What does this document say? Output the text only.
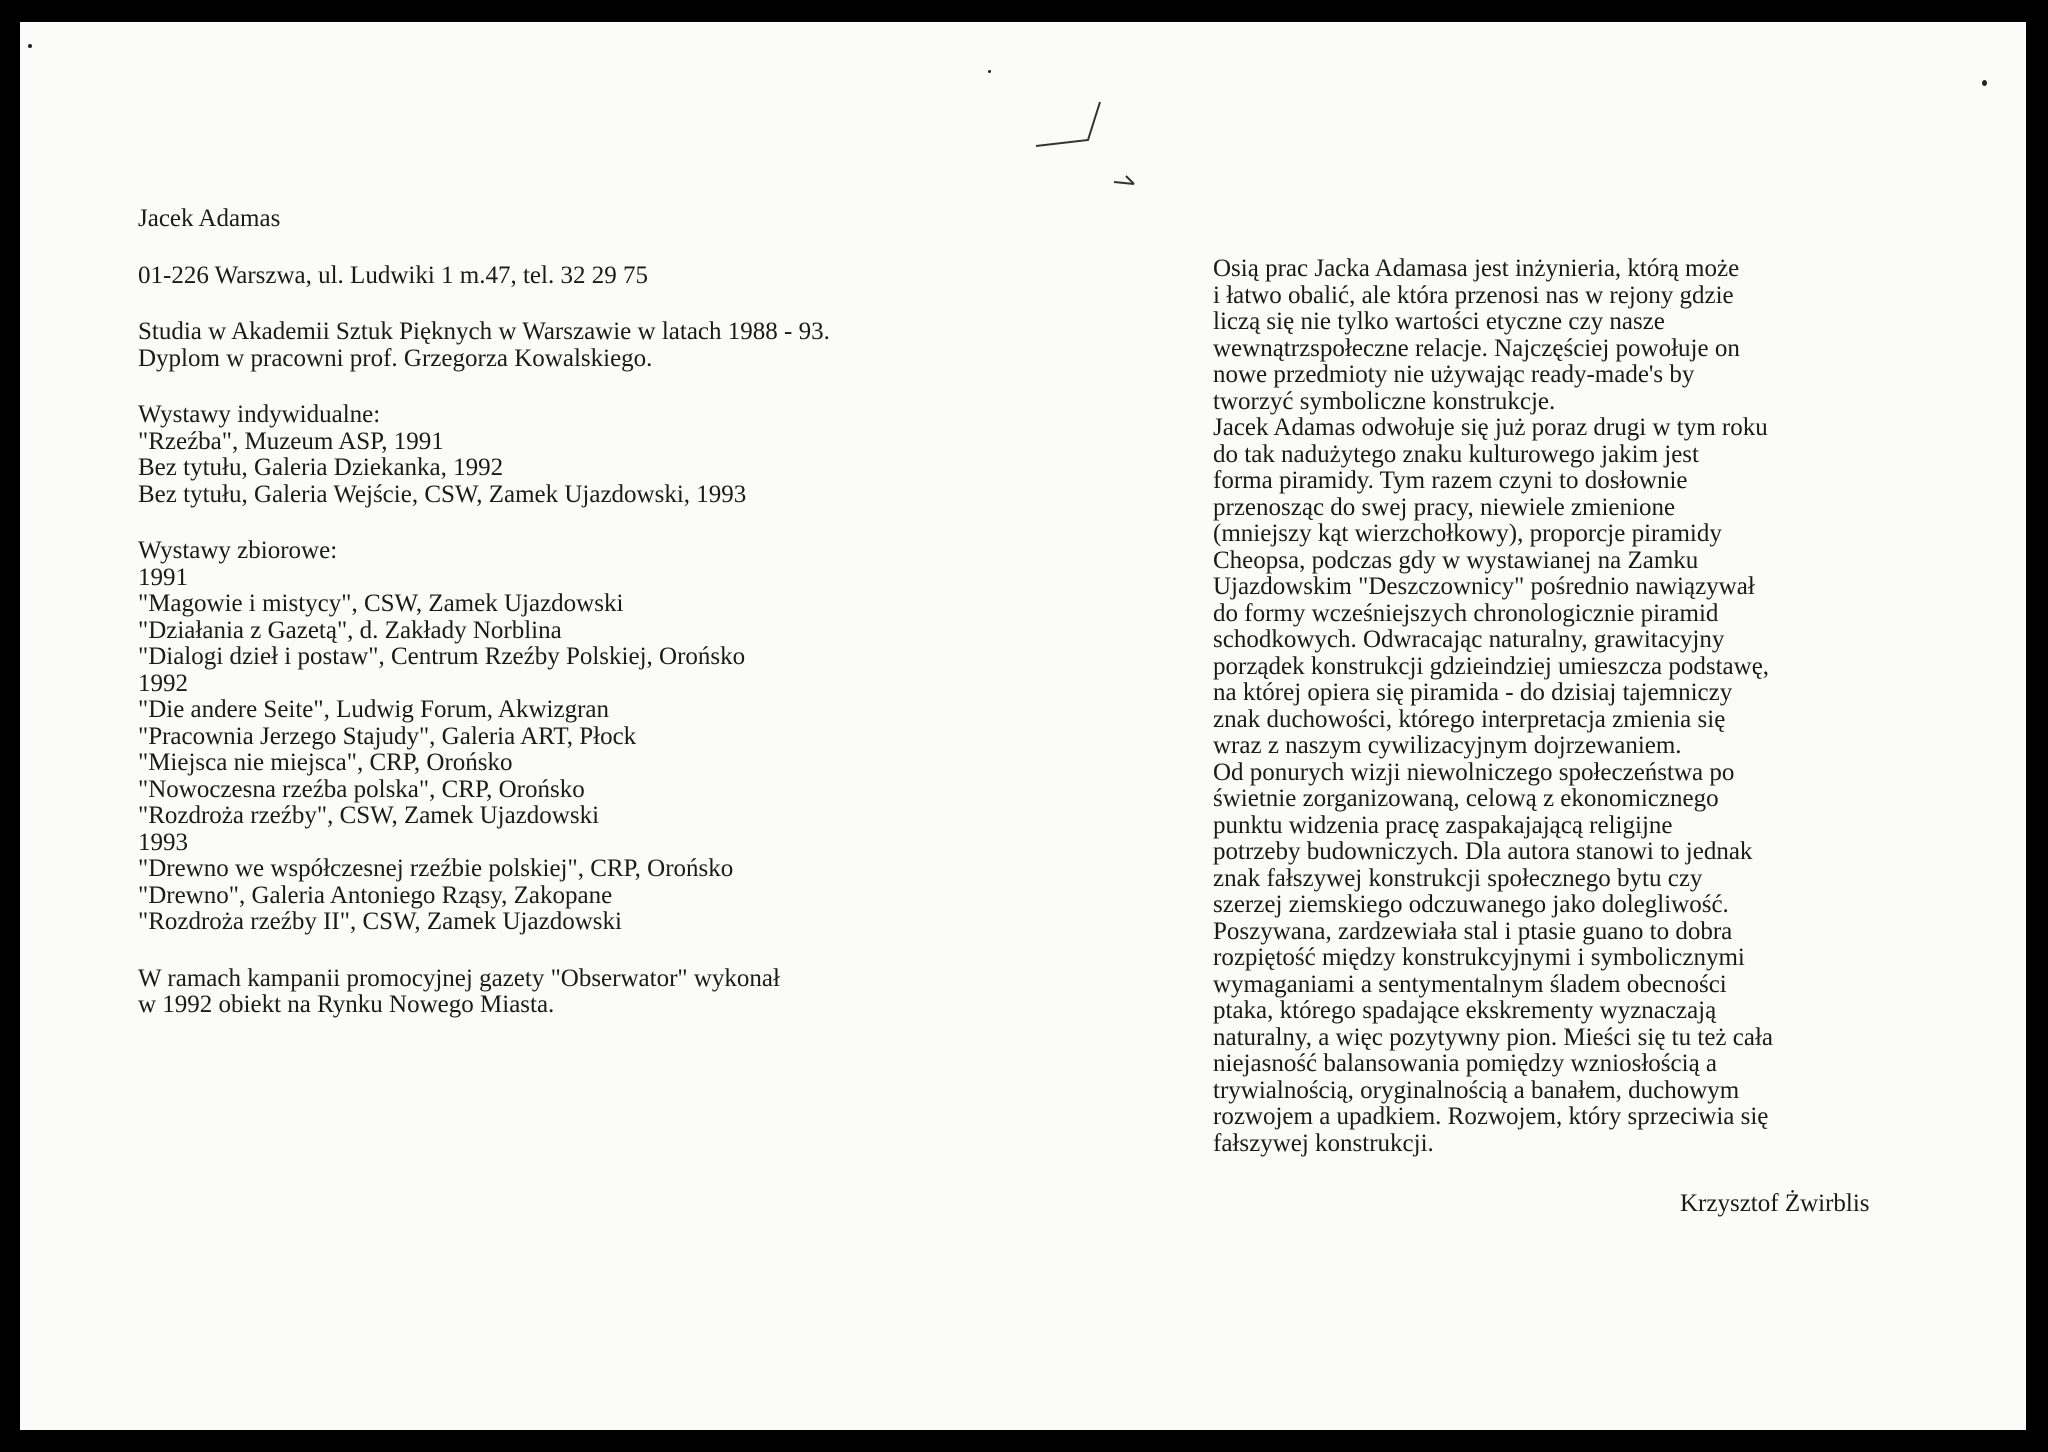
Jacek Adamas
01-226 Warszwa, ul. Ludwiki 1 m.47, tel. 32 29 75
Studia w Akademii Sztuk Pięknych w Warszawie w latach 1988 - 93.
Dyplom w pracowni prof. Grzegorza Kowalskiego.
Wystawy indywidualne:
"Rzeźba", Muzeum ASP, 1991
Bez tytułu, Galeria Dziekanka, 1992
Bez tytułu, Galeria Wejście, CSW, Zamek Ujazdowski, 1993
Wystawy zbiorowe:
1991
"Magowie i mistycy", CSW, Zamek Ujazdowski
"Działania z Gazetą", d. Zakłady Norblina
"Dialogi dzieł i postaw", Centrum Rzeźby Polskiej, Orońsko
1992
"Die andere Seite", Ludwig Forum, Akwizgran
"Pracownia Jerzego Stajudy", Galeria ART, Płock
"Miejsca nie miejsca", CRP, Orońsko
"Nowoczesna rzeźba polska", CRP, Orońsko
"Rozdroża rzeźby", CSW, Zamek Ujazdowski
1993
"Drewno we współczesnej rzeźbie polskiej", CRP, Orońsko
"Drewno", Galeria Antoniego Rząsy, Zakopane
"Rozdroża rzeźby II", CSW, Zamek Ujazdowski
W ramach kampanii promocyjnej gazety "Obserwator" wykonał
w 1992 obiekt na Rynku Nowego Miasta.
Osią prac Jacka Adamasa jest inżynieria, którą może
i łatwo obalić, ale która przenosi nas w rejony gdzie
liczą się nie tylko wartości etyczne czy nasze
wewnątrzspołeczne relacje. Najczęściej powołuje on
nowe przedmioty nie używając ready-made's by
tworzyć symboliczne konstrukcje.
Jacek Adamas odwołuje się już poraz drugi w tym roku
do tak nadużytego znaku kulturowego jakim jest
forma piramidy. Tym razem czyni to dosłownie
przenosząc do swej pracy, niewiele zmienione
(mniejszy kąt wierzchołkowy), proporcje piramidy
Cheopsa, podczas gdy w wystawianej na Zamku
Ujazdowskim "Deszczownicy" pośrednio nawiązywał
do formy wcześniejszych chronologicznie piramid
schodkowych. Odwracając naturalny, grawitacyjny
porządek konstrukcji gdzieindziej umieszcza podstawę,
na której opiera się piramida - do dzisiaj tajemniczy
znak duchowości, którego interpretacja zmienia się
wraz z naszym cywilizacyjnym dojrzewaniem.
Od ponurych wizji niewolniczego społeczeństwa po
świetnie zorganizowaną, celową z ekonomicznego
punktu widzenia pracę zaspakajającą religijne
potrzeby budowniczych. Dla autora stanowi to jednak
znak fałszywej konstrukcji społecznego bytu czy
szerzej ziemskiego odczuwanego jako dolegliwość.
Poszywana, zardzewiała stal i ptasie guano to dobra
rozpiętość między konstrukcyjnymi i symbolicznymi
wymaganiami a sentymentalnym śladem obecności
ptaka, którego spadające ekskrementy wyznaczają
naturalny, a więc pozytywny pion. Mieści się tu też cała
niejasność balansowania pomiędzy wzniosłością a
trywialnością, oryginalnością a banałem, duchowym
rozwojem a upadkiem. Rozwojem, który sprzeciwia się
fałszywej konstrukcji.
Krzysztof Żwirblis
